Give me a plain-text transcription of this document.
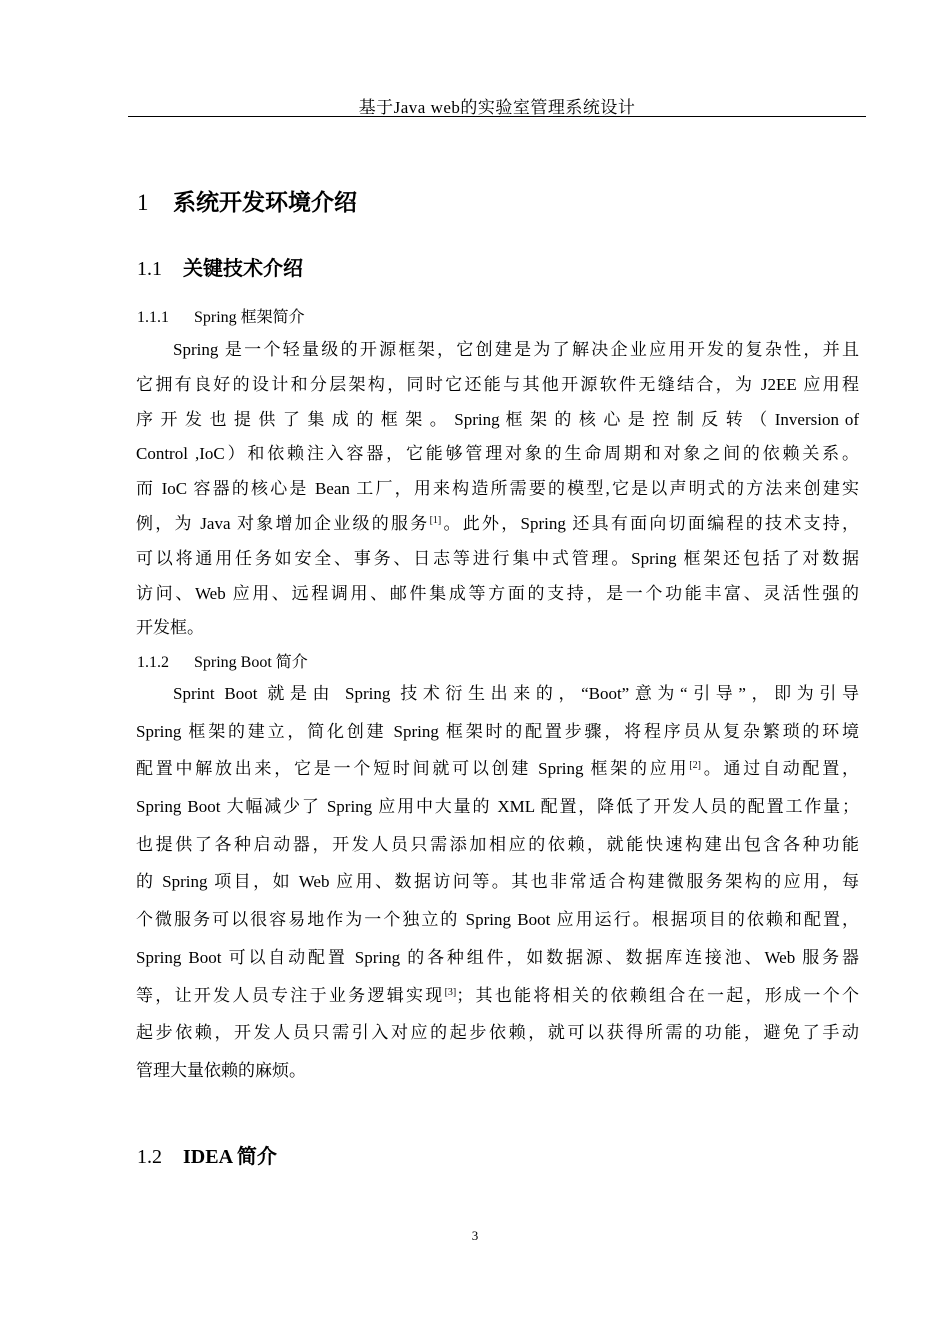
基于Java web的实验室管理系统设计
1 系统开发环境介绍
1.1 关键技术介绍
1.1.1 Spring 框架简介
Spring 是一个轻量级的开源框架，它创建是为了解决企业应用开发的复杂性，并且
它拥有良好的设计和分层架构，同时它还能与其他开源软件无缝结合，为 J2EE 应用程
序 开 发 也 提 供 了 集 成 的 框 架 。 Spring 框 架 的 核 心 是 控 制 反 转 （ Inversion of
Control ,IoC）和依赖注入容器，它能够管理对象的生命周期和对象之间的依赖关系。
而 IoC 容器的核心是 Bean 工厂，用来构造所需要的模型,它是以声明式的方法来创建实
例，为 Java 对象增加企业级的服务[1]。此外，Spring 还具有面向切面编程的技术支持，
可以将通用任务如安全、事务、日志等进行集中式管理。Spring 框架还包括了对数据
访问、Web 应用、远程调用、邮件集成等方面的支持，是一个功能丰富、灵活性强的
开发框。
1.1.2 Spring Boot 简介
Sprint Boot 就是由 Spring 技术衍生出来的，“Boot”意为“引导”，即为引导
Spring 框架的建立，简化创建 Spring 框架时的配置步骤，将程序员从复杂繁琐的环境
配置中解放出来，它是一个短时间就可以创建 Spring 框架的应用[2]。通过自动配置，
Spring Boot 大幅减少了 Spring 应用中大量的 XML 配置，降低了开发人员的配置工作量；
也提供了各种启动器，开发人员只需添加相应的依赖，就能快速构建出包含各种功能
的 Spring 项目，如 Web 应用、数据访问等。其也非常适合构建微服务架构的应用，每
个微服务可以很容易地作为一个独立的 Spring Boot 应用运行。根据项目的依赖和配置，
Spring Boot 可以自动配置 Spring 的各种组件，如数据源、数据库连接池、Web 服务器
等，让开发人员专注于业务逻辑实现[3]；其也能将相关的依赖组合在一起，形成一个个
起步依赖，开发人员只需引入对应的起步依赖，就可以获得所需的功能，避免了手动
管理大量依赖的麻烦。
1.2 IDEA 简介
3
